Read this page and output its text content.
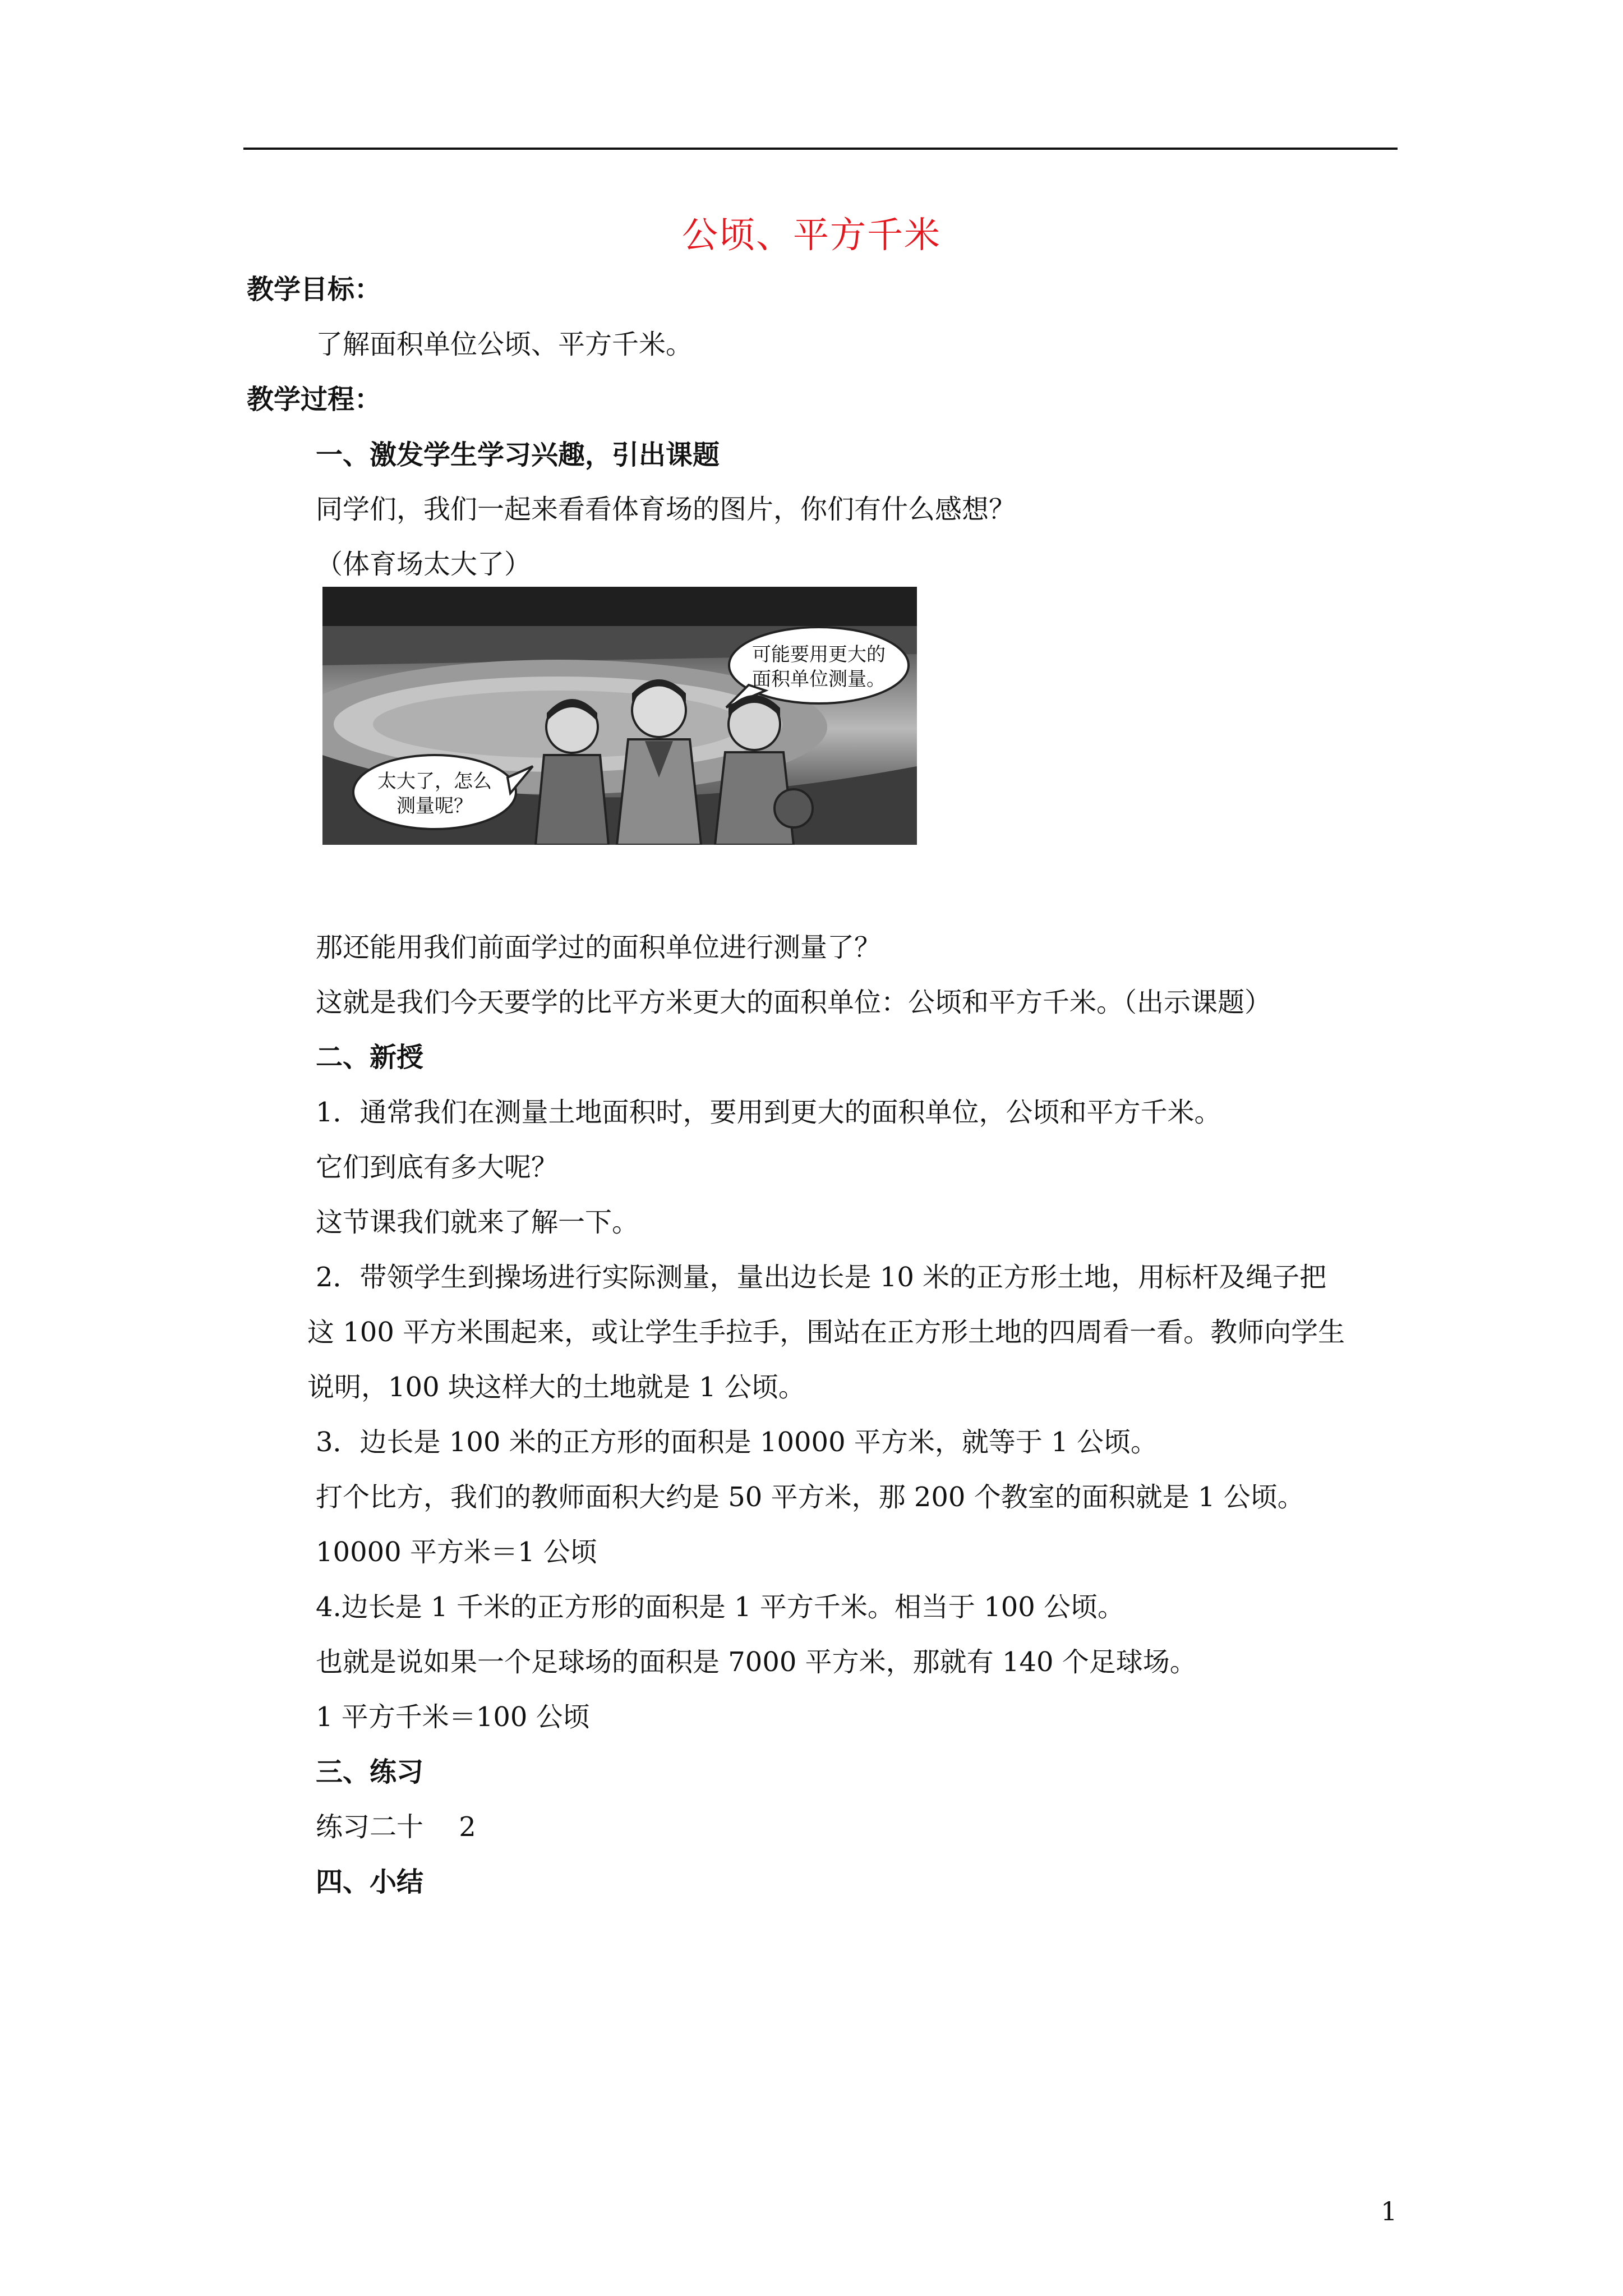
公顷、平方千米
教学目标：
了解面积单位公顷、平方千米。
教学过程：
一、激发学生学习兴趣，引出课题
同学们，我们一起来看看体育场的图片，你们有什么感想？
（体育场太大了）
可能要用更大的
面积单位测量。
太大了，怎么
测量呢？
那还能用我们前面学过的面积单位进行测量了？
这就是我们今天要学的比平方米更大的面积单位：公顷和平方千米。（出示课题）
二、新授
1．通常我们在测量土地面积时，要用到更大的面积单位，公顷和平方千米。
它们到底有多大呢？
这节课我们就来了解一下。
2．带领学生到操场进行实际测量，量出边长是 10 米的正方形土地，用标杆及绳子把
这 100 平方米围起来，或让学生手拉手，围站在正方形土地的四周看一看。教师向学生
说明，100 块这样大的土地就是 1 公顷。
3．边长是 100 米的正方形的面积是 10000 平方米，就等于 1 公顷。
打个比方，我们的教师面积大约是 50 平方米，那 200 个教室的面积就是 1 公顷。
10000 平方米＝1 公顷
4.边长是 1 千米的正方形的面积是 1 平方千米。相当于 100 公顷。
也就是说如果一个足球场的面积是 7000 平方米，那就有 140 个足球场。
1 平方千米＝100 公顷
三、练习
练习二十　 2
四、小结
1
